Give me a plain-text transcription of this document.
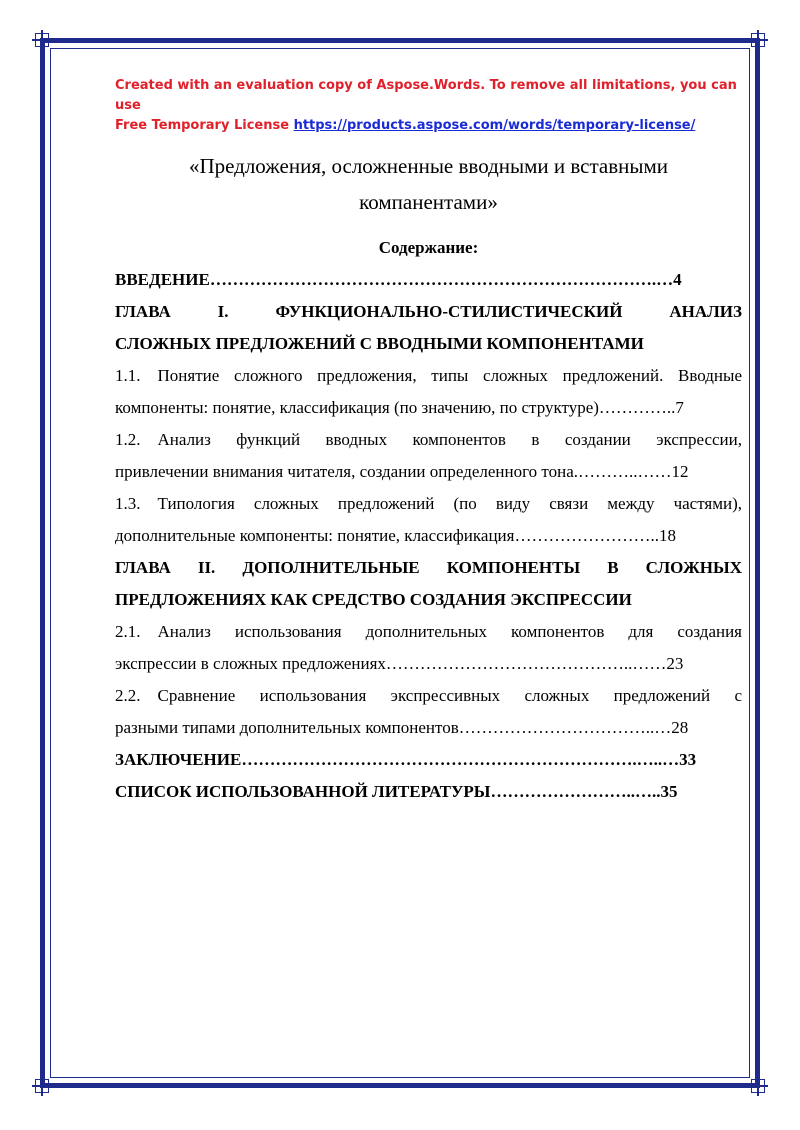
Created with an evaluation copy of Aspose.Words. To remove all limitations, you can use
Free Temporary License https://products.aspose.com/words/temporary-license/
«Предложения, осложненные вводными и вставными
компанентами»
Содержание:
ВВЕДЕНИЕ…………………………………………………………………….…4
ГЛАВА I. ФУНКЦИОНАЛЬНО-СТИЛИСТИЧЕСКИЙ АНАЛИЗ
СЛОЖНЫХ ПРЕДЛОЖЕНИЙ С ВВОДНЫМИ КОМПОНЕНТАМИ
1.1. Понятие сложного предложения, типы сложных предложений. Вводные
компоненты: понятие, классификация (по значению, по структуре)…………..7
1.2. Анализ функций вводных компонентов в создании экспрессии,
привлечении внимания читателя, создании определенного тона.………..……12
1.3. Типология сложных предложений (по виду связи между частями),
дополнительные компоненты: понятие, классификация……………………..18
ГЛАВА II. ДОПОЛНИТЕЛЬНЫЕ КОМПОНЕНТЫ В СЛОЖНЫХ
ПРЕДЛОЖЕНИЯХ КАК СРЕДСТВО СОЗДАНИЯ ЭКСПРЕССИИ
2.1. Анализ использования дополнительных компонентов для создания
экспрессии в сложных предложениях……………………………………..……23
2.2. Сравнение использования экспрессивных сложных предложений с
разными типами дополнительных компонентов……………………………..…28
ЗАКЛЮЧЕНИЕ…………………………………………………………….…..…33
СПИСОК ИСПОЛЬЗОВАННОЙ ЛИТЕРАТУРЫ……………………..…..35
